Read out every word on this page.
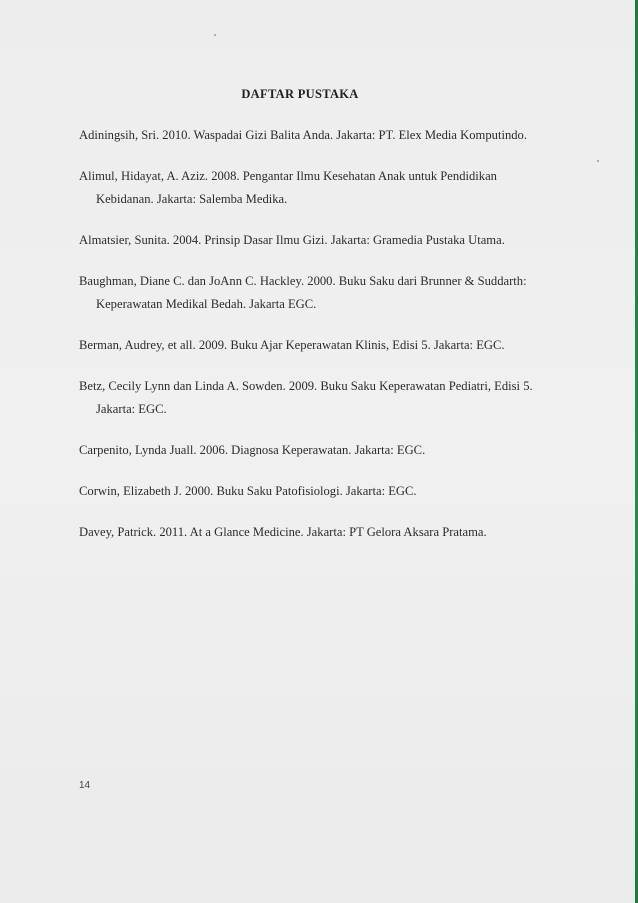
DAFTAR PUSTAKA
Adiningsih, Sri. 2010. Waspadai Gizi Balita Anda. Jakarta: PT. Elex Media Komputindo.
Alimul, Hidayat, A. Aziz. 2008. Pengantar Ilmu Kesehatan Anak untuk Pendidikan Kebidanan. Jakarta: Salemba Medika.
Almatsier, Sunita. 2004. Prinsip Dasar Ilmu Gizi. Jakarta: Gramedia Pustaka Utama.
Baughman, Diane C. dan JoAnn C. Hackley. 2000. Buku Saku dari Brunner & Suddarth: Keperawatan Medikal Bedah. Jakarta EGC.
Berman, Audrey, et all. 2009. Buku Ajar Keperawatan Klinis, Edisi 5. Jakarta: EGC.
Betz, Cecily Lynn dan Linda A. Sowden. 2009. Buku Saku Keperawatan Pediatri, Edisi 5. Jakarta: EGC.
Carpenito, Lynda Juall. 2006. Diagnosa Keperawatan. Jakarta: EGC.
Corwin, Elizabeth J. 2000. Buku Saku Patofisiologi. Jakarta: EGC.
Davey, Patrick. 2011. At a Glance Medicine. Jakarta: PT Gelora Aksara Pratama.
14
